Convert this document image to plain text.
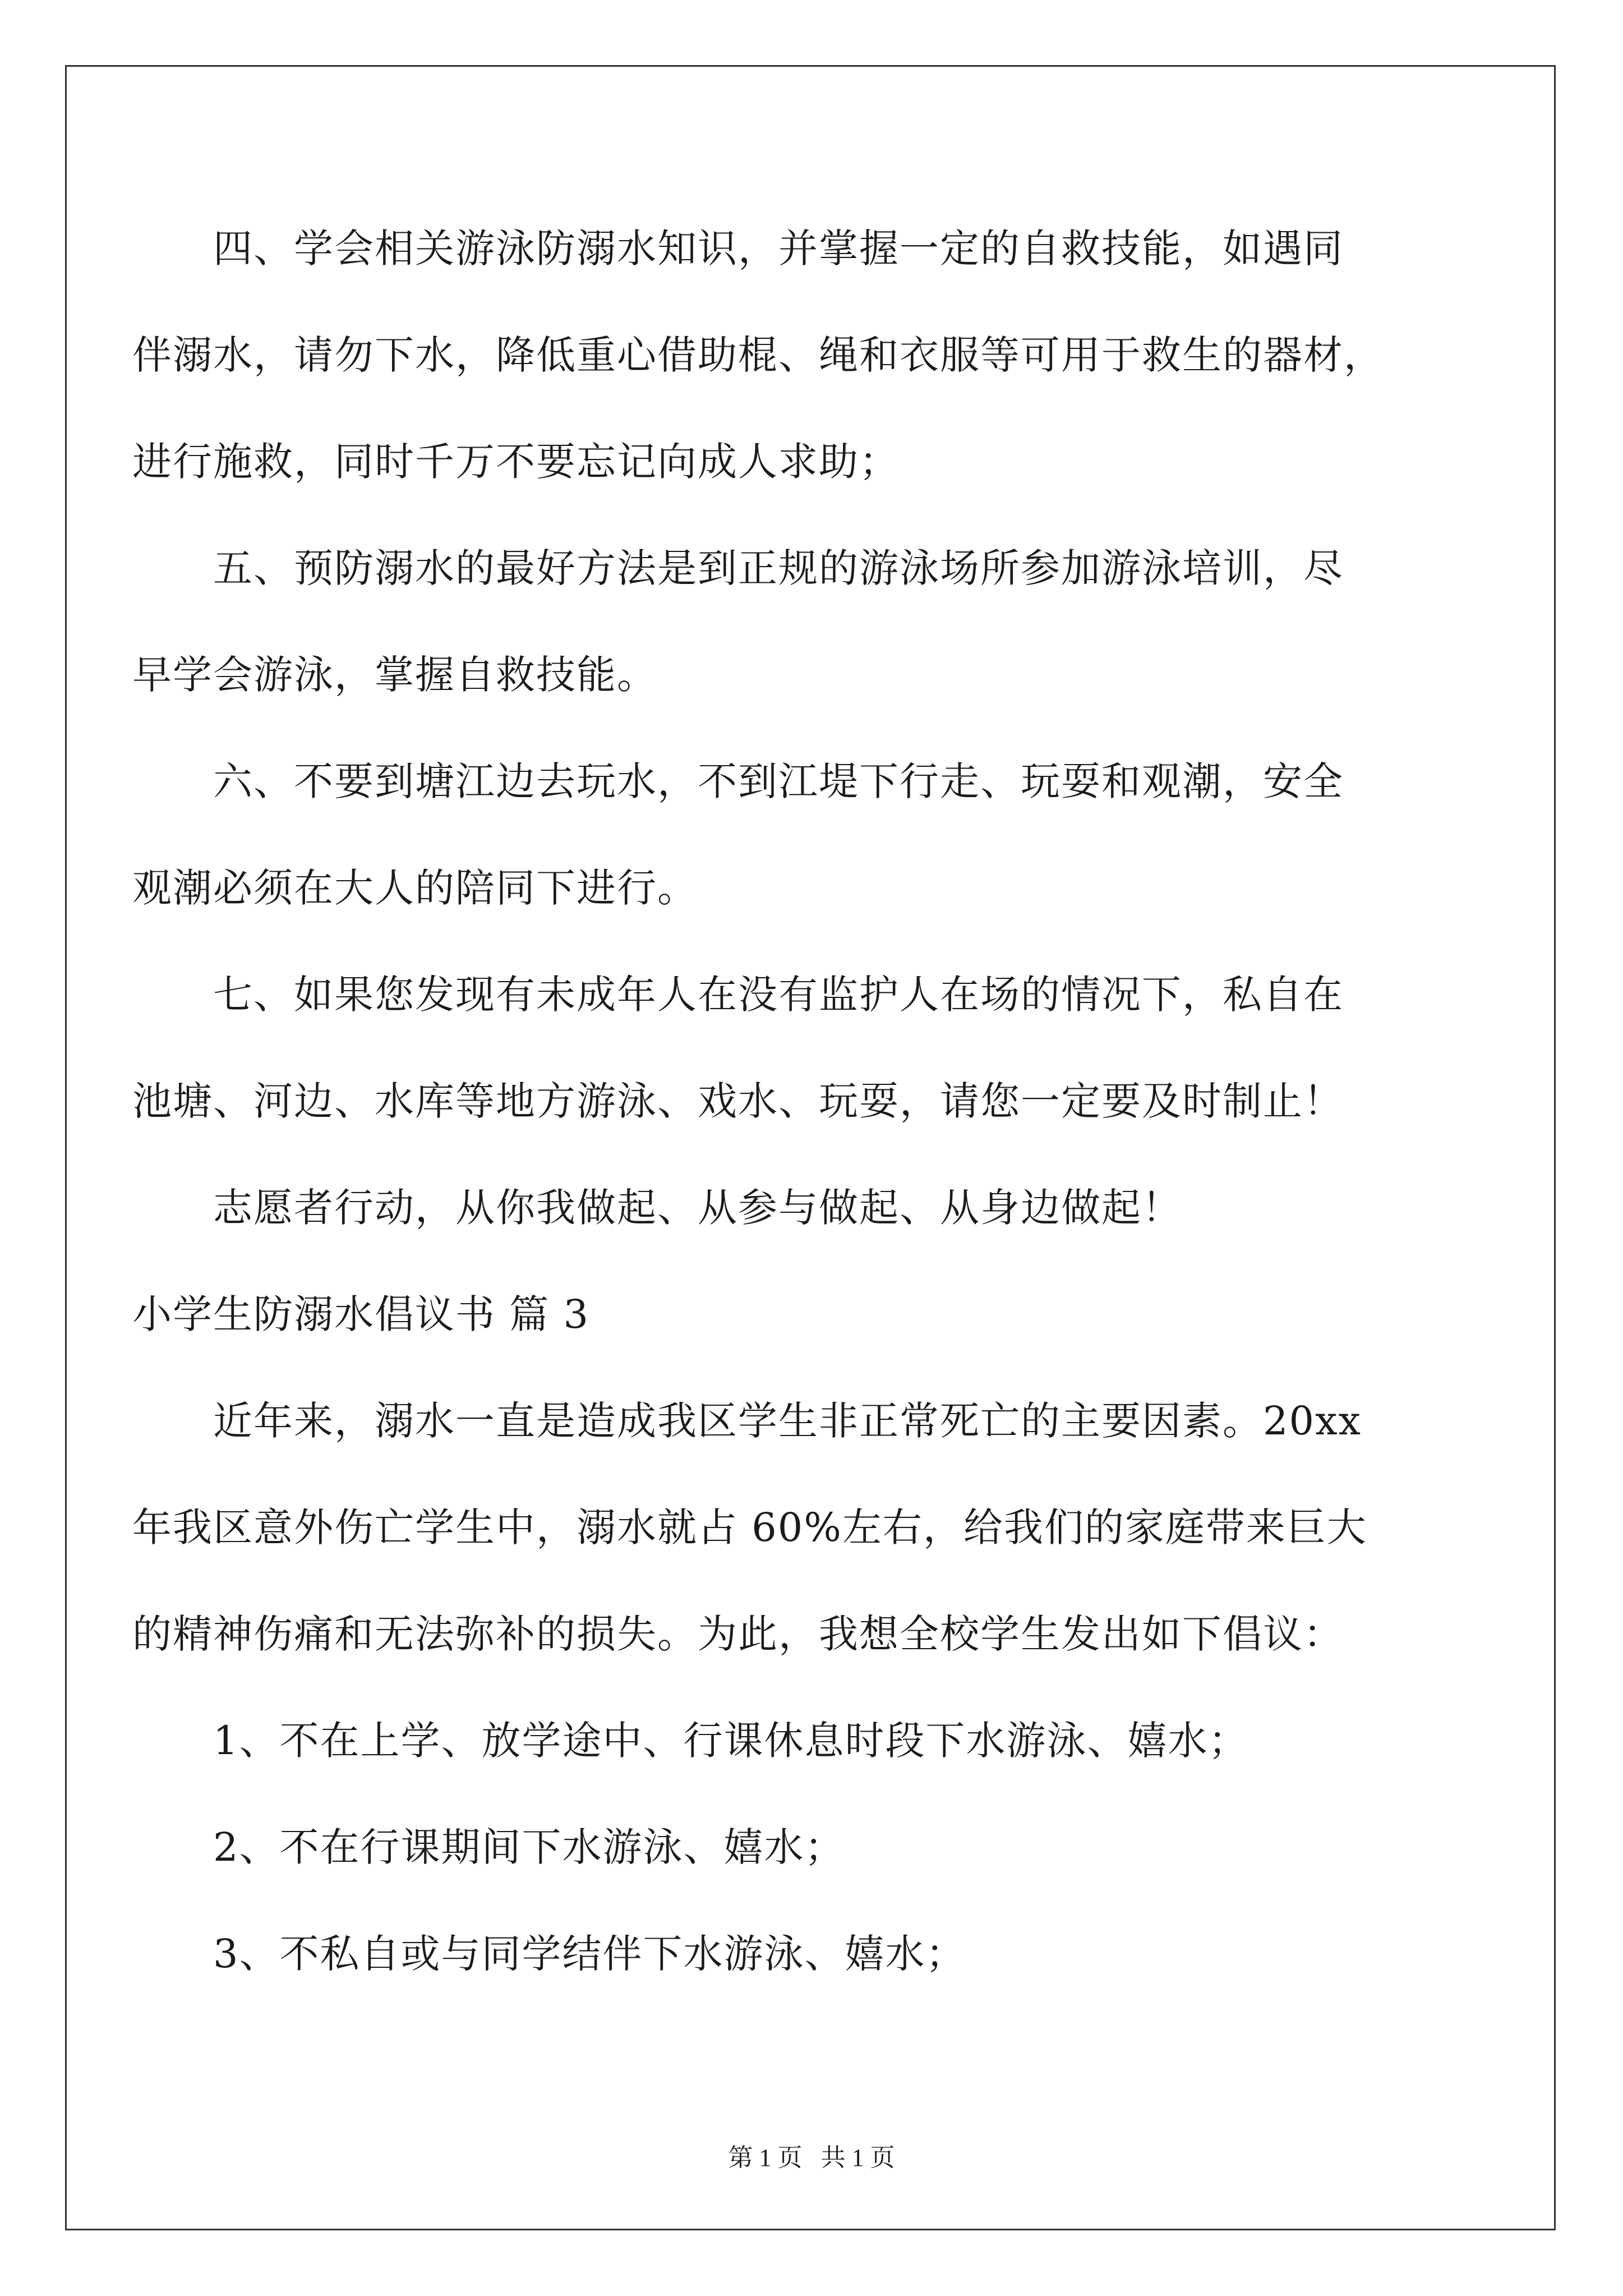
四、学会相关游泳防溺水知识，并掌握一定的自救技能，如遇同
伴溺水，请勿下水，降低重心借助棍、绳和衣服等可用于救生的器材，
进行施救，同时千万不要忘记向成人求助；
五、预防溺水的最好方法是到正规的游泳场所参加游泳培训，尽
早学会游泳，掌握自救技能。
六、不要到塘江边去玩水，不到江堤下行走、玩耍和观潮，安全
观潮必须在大人的陪同下进行。
七、如果您发现有未成年人在没有监护人在场的情况下，私自在
池塘、河边、水库等地方游泳、戏水、玩耍，请您一定要及时制止！
志愿者行动，从你我做起、从参与做起、从身边做起！
小学生防溺水倡议书 篇 3
近年来，溺水一直是造成我区学生非正常死亡的主要因素。20xx
年我区意外伤亡学生中，溺水就占 60%左右，给我们的家庭带来巨大
的精神伤痛和无法弥补的损失。为此，我想全校学生发出如下倡议：
1、不在上学、放学途中、行课休息时段下水游泳、嬉水；
2、不在行课期间下水游泳、嬉水；
3、不私自或与同学结伴下水游泳、嬉水；
第 1 页   共 1 页
